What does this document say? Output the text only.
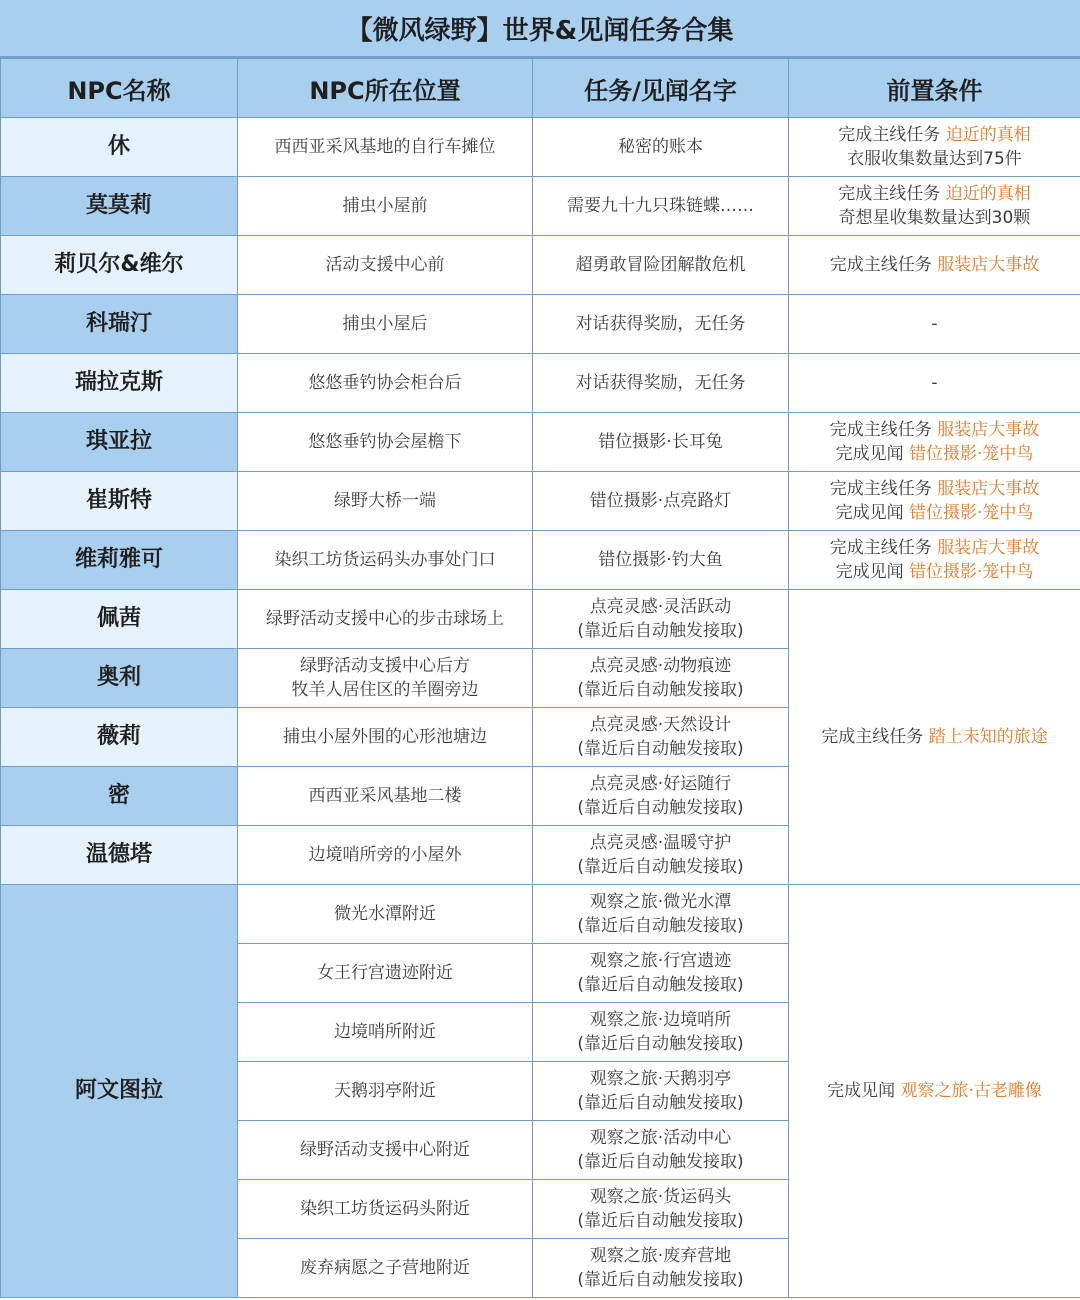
【微风绿野】世界&见闻任务合集
NPC名称	NPC所在位置	任务/见闻名字	前置条件
休	西西亚采风基地的自行车摊位	秘密的账本	完成主线任务 迫近的真相
衣服收集数量达到75件

莫莫莉	捕虫小屋前	需要九十九只珠链蝶……	完成主线任务 迫近的真相
奇想星收集数量达到30颗

莉贝尔&维尔	活动支援中心前	超勇敢冒险团解散危机	完成主线任务 服装店大事故

科瑞汀	捕虫小屋后	对话获得奖励，无任务	-

瑞拉克斯	悠悠垂钓协会柜台后	对话获得奖励，无任务	-

琪亚拉	悠悠垂钓协会屋檐下	错位摄影·长耳兔	完成主线任务 服装店大事故
完成见闻 错位摄影·笼中鸟

崔斯特	绿野大桥一端	错位摄影·点亮路灯	完成主线任务 服装店大事故
完成见闻 错位摄影·笼中鸟

维莉雅可	染织工坊货运码头办事处门口	错位摄影·钓大鱼	完成主线任务 服装店大事故
完成见闻 错位摄影·笼中鸟

佩茜	绿野活动支援中心的步击球场上	点亮灵感·灵活跃动
(靠近后自动触发接取)	完成主线任务 踏上未知的旅途

奥利	绿野活动支援中心后方
牧羊人居住区的羊圈旁边	点亮灵感·动物痕迹
(靠近后自动触发接取)	

薇莉	捕虫小屋外围的心形池塘边	点亮灵感·天然设计
(靠近后自动触发接取)	

密	西西亚采风基地二楼	点亮灵感·好运随行
(靠近后自动触发接取)	

温德塔	边境哨所旁的小屋外	点亮灵感·温暖守护
(靠近后自动触发接取)	

阿文图拉	微光水潭附近	观察之旅·微光水潭
(靠近后自动触发接取)	完成见闻 观察之旅·古老雕像

	女王行宫遗迹附近	观察之旅·行宫遗迹
(靠近后自动触发接取)	

	边境哨所附近	观察之旅·边境哨所
(靠近后自动触发接取)	

	天鹅羽亭附近	观察之旅·天鹅羽亭
(靠近后自动触发接取)	

	绿野活动支援中心附近	观察之旅·活动中心
(靠近后自动触发接取)	

	染织工坊货运码头附近	观察之旅·货运码头
(靠近后自动触发接取)	

	废弃病愿之子营地附近	观察之旅·废弃营地
(靠近后自动触发接取)	
